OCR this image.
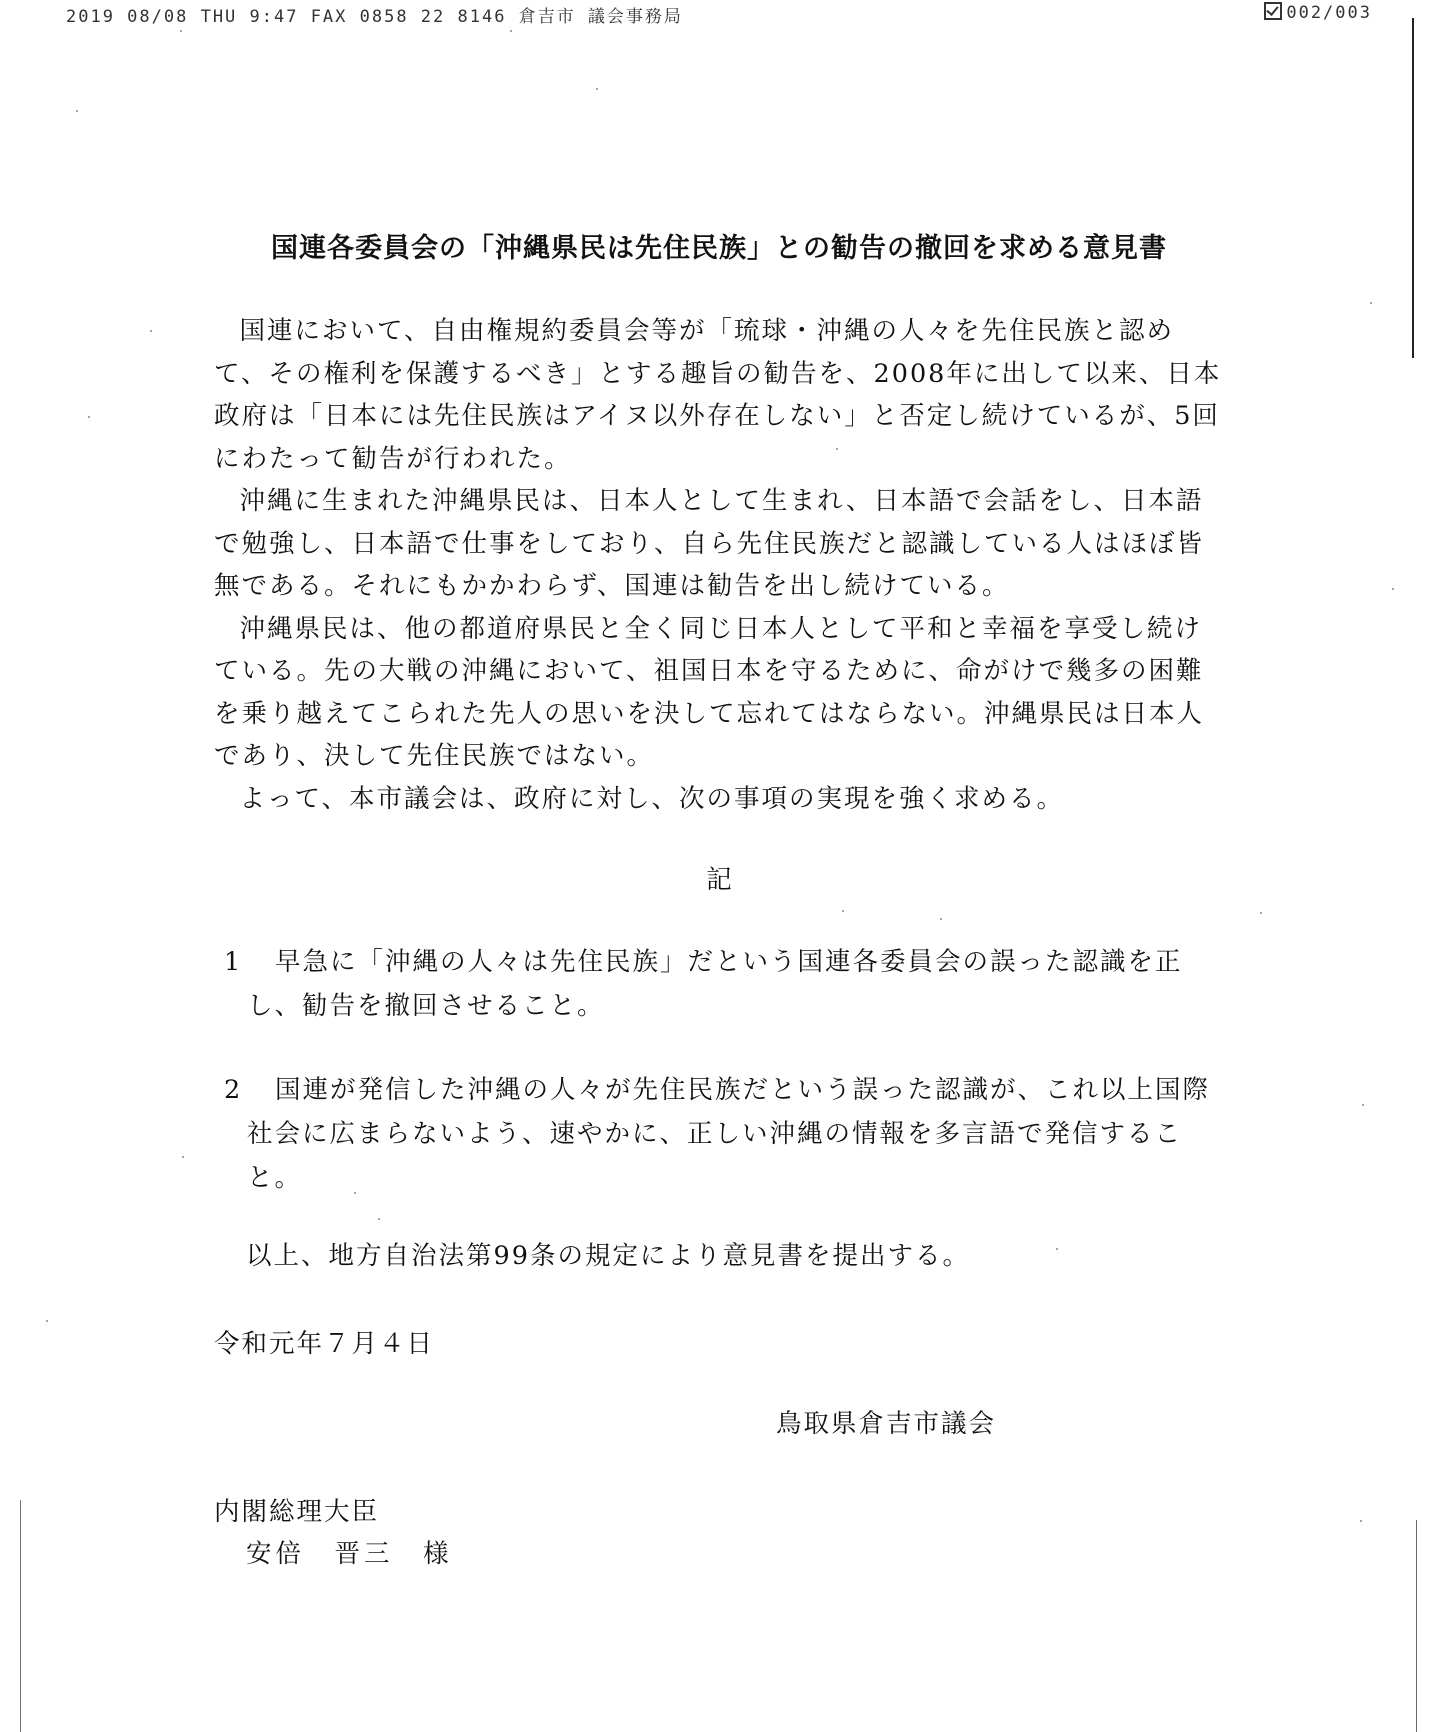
2019 08/08 THU 9:47 FAX 0858 22 8146 倉吉市 議会事務局	002/003
国連各委員会の「沖縄県民は先住民族」との勧告の撤回を求める意見書

国連において、自由権規約委員会等が「琉球・沖縄の人々を先住民族と認めて、その権利を保護するべき」とする趣旨の勧告を、2008年に出して以来、日本政府は「日本には先住民族はアイヌ以外存在しない」と否定し続けているが、5回にわたって勧告が行われた。

沖縄に生まれた沖縄県民は、日本人として生まれ、日本語で会話をし、日本語で勉強し、日本語で仕事をしており、自ら先住民族だと認識している人はほぼ皆無である。それにもかかわらず、国連は勧告を出し続けている。

沖縄県民は、他の都道府県民と全く同じ日本人として平和と幸福を享受し続けている。先の大戦の沖縄において、祖国日本を守るために、命がけで幾多の困難を乗り越えてこられた先人の思いを決して忘れてはならない。沖縄県民は日本人であり、決して先住民族ではない。

よって、本市議会は、政府に対し、次の事項の実現を強く求める。

記
1	早急に「沖縄の人々は先住民族」だという国連各委員会の誤った認識を正し、勧告を撤回させること。
2	国連が発信した沖縄の人々が先住民族だという誤った認識が、これ以上国際社会に広まらないよう、速やかに、正しい沖縄の情報を多言語で発信すること。
以上、地方自治法第99条の規定により意見書を提出する。
令和元年７月４日
鳥取県倉吉市議会
内閣総理大臣
安倍　晋三　様
